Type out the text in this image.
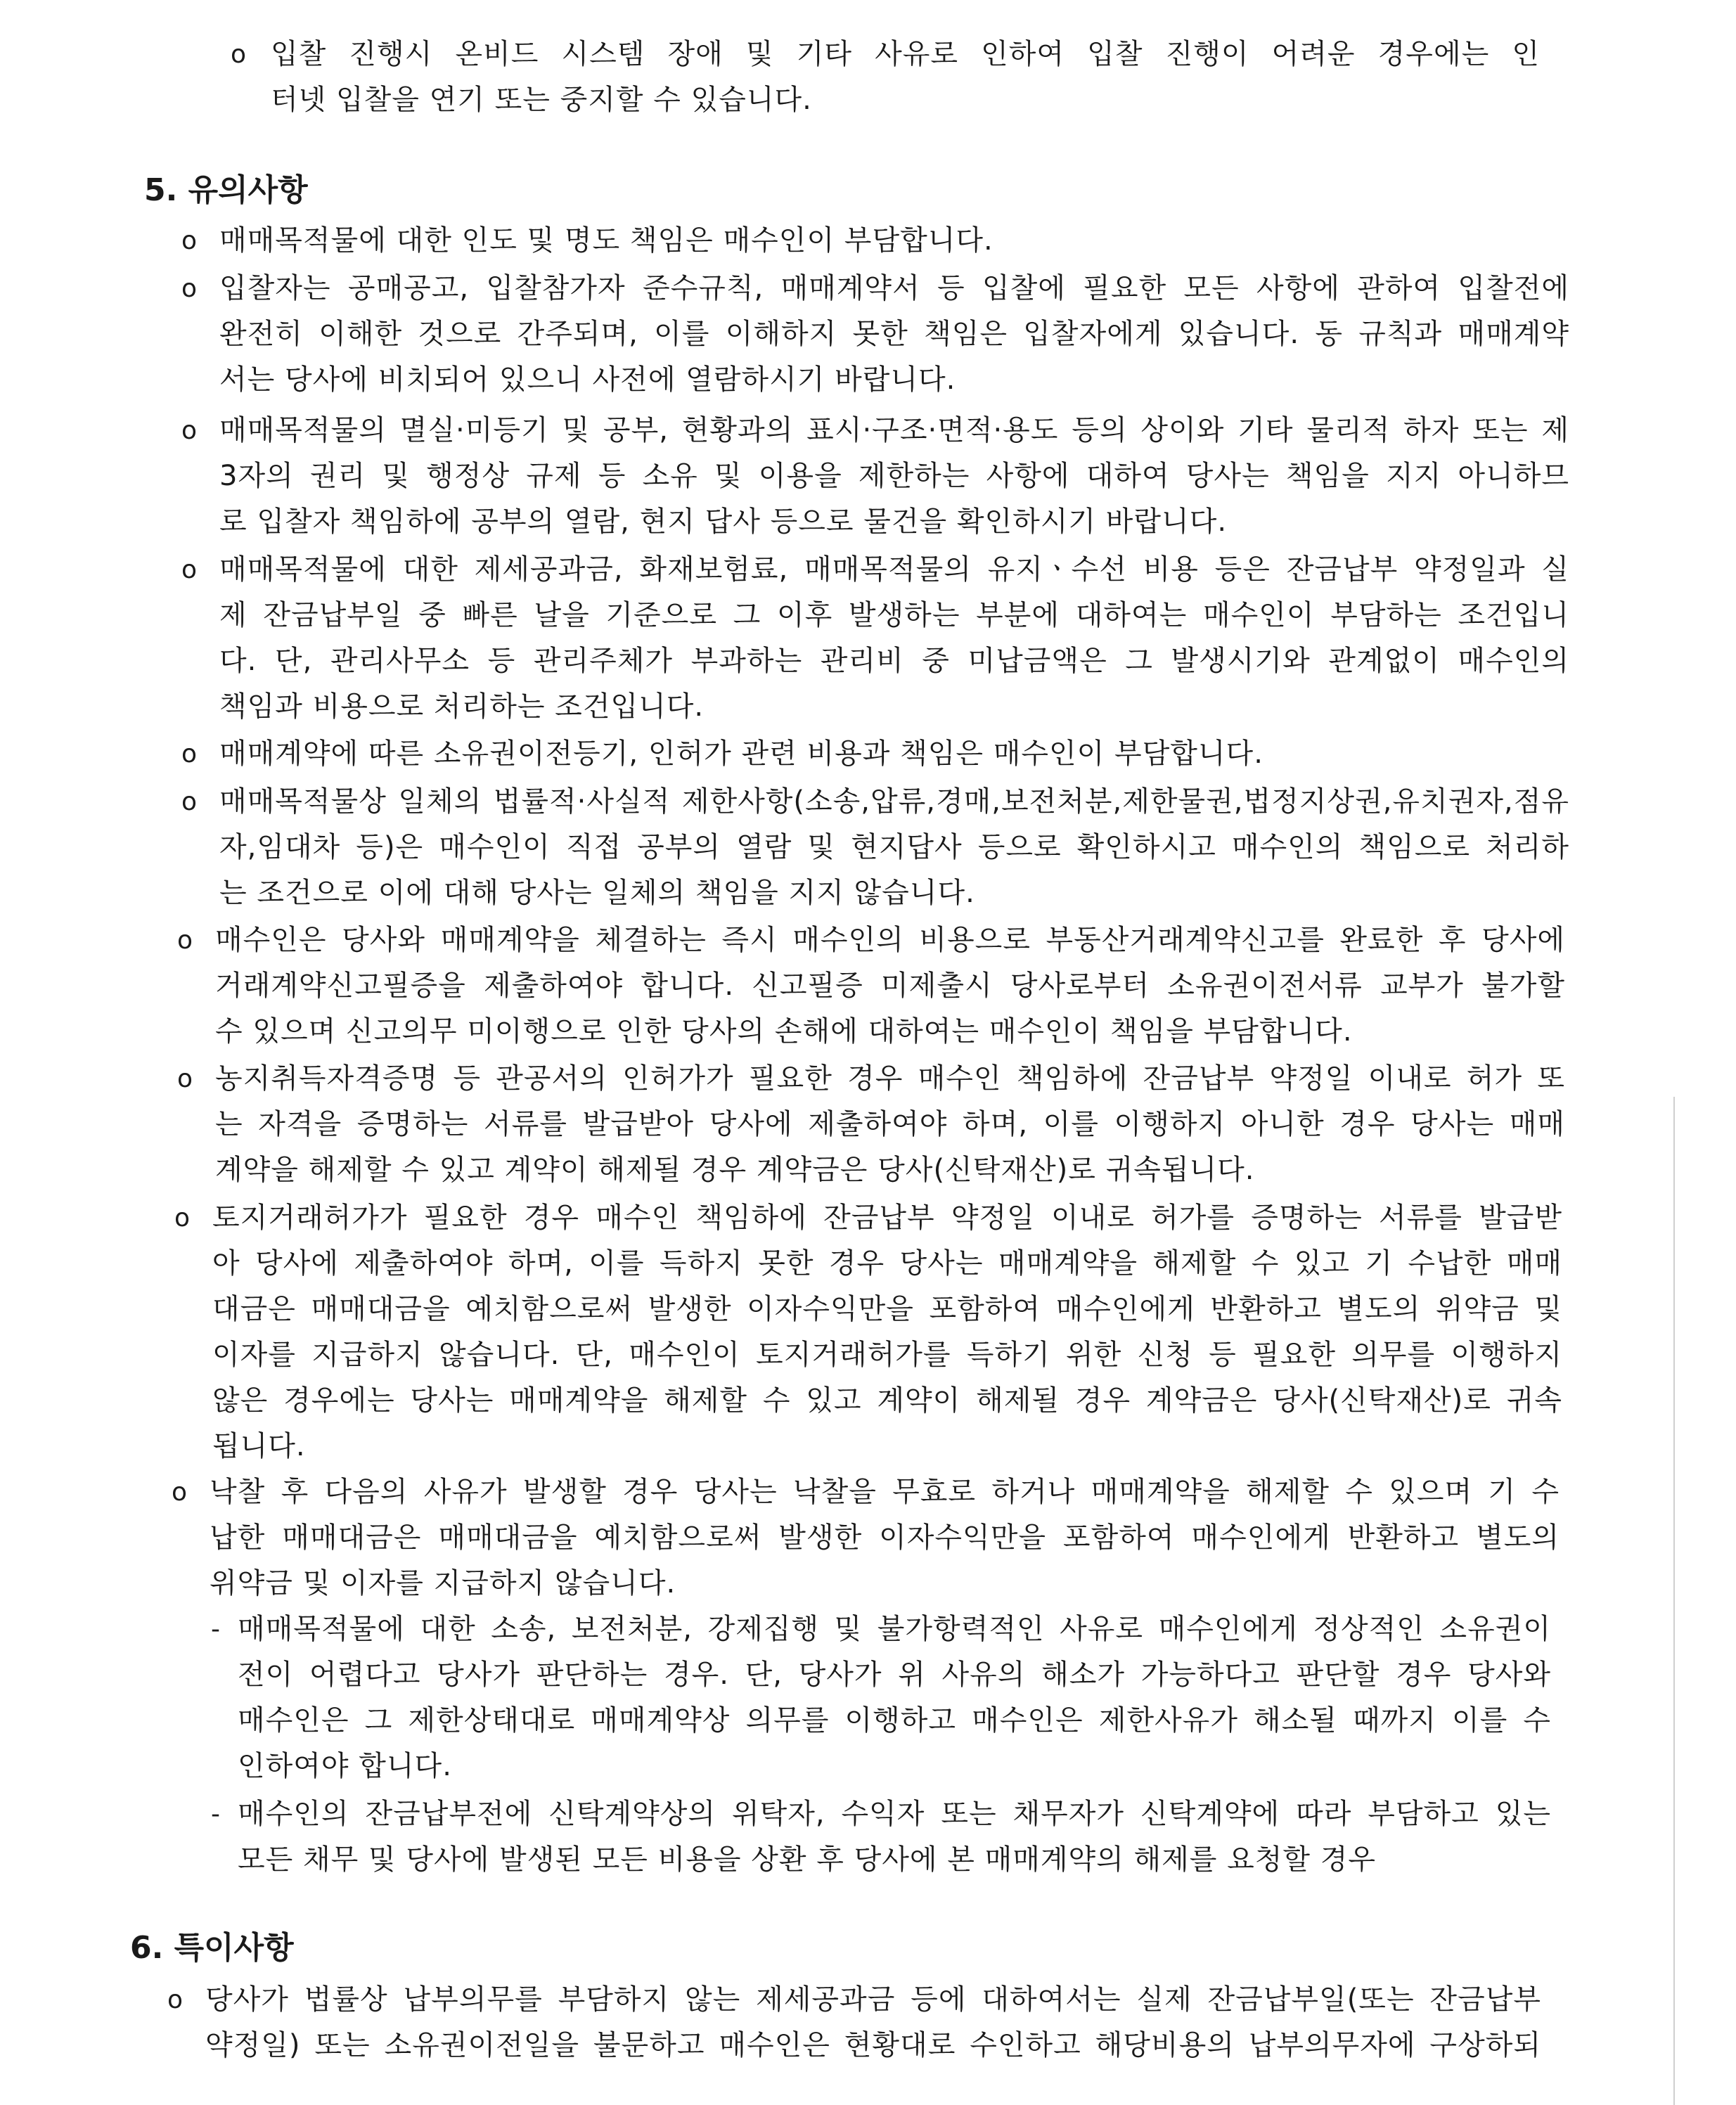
o 입찰 진행시 온비드 시스템 장애 및 기타 사유로 인하여 입찰 진행이 어려운 경우에는 인
터넷 입찰을 연기 또는 중지할 수 있습니다.
5. 유의사항
o 매매목적물에 대한 인도 및 명도 책임은 매수인이 부담합니다.
o 입찰자는 공매공고, 입찰참가자 준수규칙, 매매계약서 등 입찰에 필요한 모든 사항에 관하여 입찰전에
완전히 이해한 것으로 간주되며, 이를 이해하지 못한 책임은 입찰자에게 있습니다. 동 규칙과 매매계약
서는 당사에 비치되어 있으니 사전에 열람하시기 바랍니다.
o 매매목적물의 멸실·미등기 및 공부, 현황과의 표시·구조·면적·용도 등의 상이와 기타 물리적 하자 또는 제
3자의 권리 및 행정상 규제 등 소유 및 이용을 제한하는 사항에 대하여 당사는 책임을 지지 아니하므
로 입찰자 책임하에 공부의 열람, 현지 답사 등으로 물건을 확인하시기 바랍니다.
o 매매목적물에 대한 제세공과금, 화재보험료, 매매목적물의 유지ㆍ수선 비용 등은 잔금납부 약정일과 실
제 잔금납부일 중 빠른 날을 기준으로 그 이후 발생하는 부분에 대하여는 매수인이 부담하는 조건입니
다. 단, 관리사무소 등 관리주체가 부과하는 관리비 중 미납금액은 그 발생시기와 관계없이 매수인의
책임과 비용으로 처리하는 조건입니다.
o 매매계약에 따른 소유권이전등기, 인허가 관련 비용과 책임은 매수인이 부담합니다.
o 매매목적물상 일체의 법률적·사실적 제한사항(소송,압류,경매,보전처분,제한물권,법정지상권,유치권자,점유
자,임대차 등)은 매수인이 직접 공부의 열람 및 현지답사 등으로 확인하시고 매수인의 책임으로 처리하
는 조건으로 이에 대해 당사는 일체의 책임을 지지 않습니다.
o 매수인은 당사와 매매계약을 체결하는 즉시 매수인의 비용으로 부동산거래계약신고를 완료한 후 당사에
거래계약신고필증을 제출하여야 합니다. 신고필증 미제출시 당사로부터 소유권이전서류 교부가 불가할
수 있으며 신고의무 미이행으로 인한 당사의 손해에 대하여는 매수인이 책임을 부담합니다.
o 농지취득자격증명 등 관공서의 인허가가 필요한 경우 매수인 책임하에 잔금납부 약정일 이내로 허가 또
는 자격을 증명하는 서류를 발급받아 당사에 제출하여야 하며, 이를 이행하지 아니한 경우 당사는 매매
계약을 해제할 수 있고 계약이 해제될 경우 계약금은 당사(신탁재산)로 귀속됩니다.
o 토지거래허가가 필요한 경우 매수인 책임하에 잔금납부 약정일 이내로 허가를 증명하는 서류를 발급받
아 당사에 제출하여야 하며, 이를 득하지 못한 경우 당사는 매매계약을 해제할 수 있고 기 수납한 매매
대금은 매매대금을 예치함으로써 발생한 이자수익만을 포함하여 매수인에게 반환하고 별도의 위약금 및
이자를 지급하지 않습니다. 단, 매수인이 토지거래허가를 득하기 위한 신청 등 필요한 의무를 이행하지
않은 경우에는 당사는 매매계약을 해제할 수 있고 계약이 해제될 경우 계약금은 당사(신탁재산)로 귀속
됩니다.
o 낙찰 후 다음의 사유가 발생할 경우 당사는 낙찰을 무효로 하거나 매매계약을 해제할 수 있으며 기 수
납한 매매대금은 매매대금을 예치함으로써 발생한 이자수익만을 포함하여 매수인에게 반환하고 별도의
위약금 및 이자를 지급하지 않습니다.
- 매매목적물에 대한 소송, 보전처분, 강제집행 및 불가항력적인 사유로 매수인에게 정상적인 소유권이
전이 어렵다고 당사가 판단하는 경우. 단, 당사가 위 사유의 해소가 가능하다고 판단할 경우 당사와
매수인은 그 제한상태대로 매매계약상 의무를 이행하고 매수인은 제한사유가 해소될 때까지 이를 수
인하여야 합니다.
- 매수인의 잔금납부전에 신탁계약상의 위탁자, 수익자 또는 채무자가 신탁계약에 따라 부담하고 있는
모든 채무 및 당사에 발생된 모든 비용을 상환 후 당사에 본 매매계약의 해제를 요청할 경우
6. 특이사항
o 당사가 법률상 납부의무를 부담하지 않는 제세공과금 등에 대하여서는 실제 잔금납부일(또는 잔금납부
약정일) 또는 소유권이전일을 불문하고 매수인은 현황대로 수인하고 해당비용의 납부의무자에 구상하되
